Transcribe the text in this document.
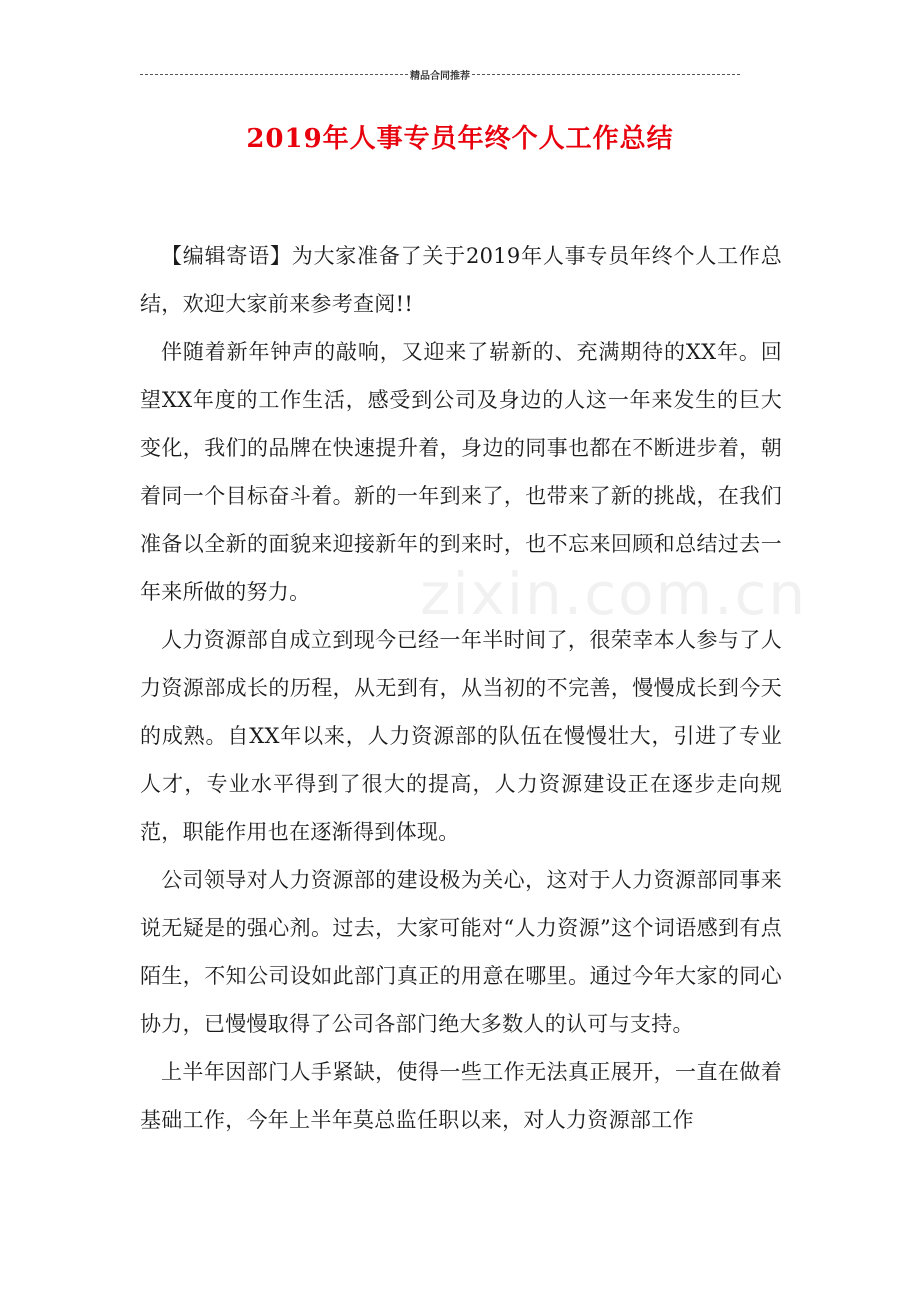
精品合同推荐
2019年人事专员年终个人工作总结
zixin.com.cn

【编辑寄语】为大家准备了关于2019年人事专员年终个人工作总结，欢迎大家前来参考查阅!!

伴随着新年钟声的敲响，又迎来了崭新的、充满期待的XX年。回望XX年度的工作生活，感受到公司及身边的人这一年来发生的巨大变化，我们的品牌在快速提升着，身边的同事也都在不断进步着，朝着同一个目标奋斗着。新的一年到来了，也带来了新的挑战，在我们准备以全新的面貌来迎接新年的到来时，也不忘来回顾和总结过去一年来所做的努力。

人力资源部自成立到现今已经一年半时间了，很荣幸本人参与了人力资源部成长的历程，从无到有，从当初的不完善，慢慢成长到今天的成熟。自XX年以来，人力资源部的队伍在慢慢壮大，引进了专业人才，专业水平得到了很大的提高，人力资源建设正在逐步走向规范，职能作用也在逐渐得到体现。

公司领导对人力资源部的建设极为关心，这对于人力资源部同事来说无疑是的强心剂。过去，大家可能对“人力资源”这个词语感到有点陌生，不知公司设如此部门真正的用意在哪里。通过今年大家的同心协力，已慢慢取得了公司各部门绝大多数人的认可与支持。

上半年因部门人手紧缺，使得一些工作无法真正展开，一直在做着基础工作，今年上半年莫总监任职以来，对人力资源部工作
